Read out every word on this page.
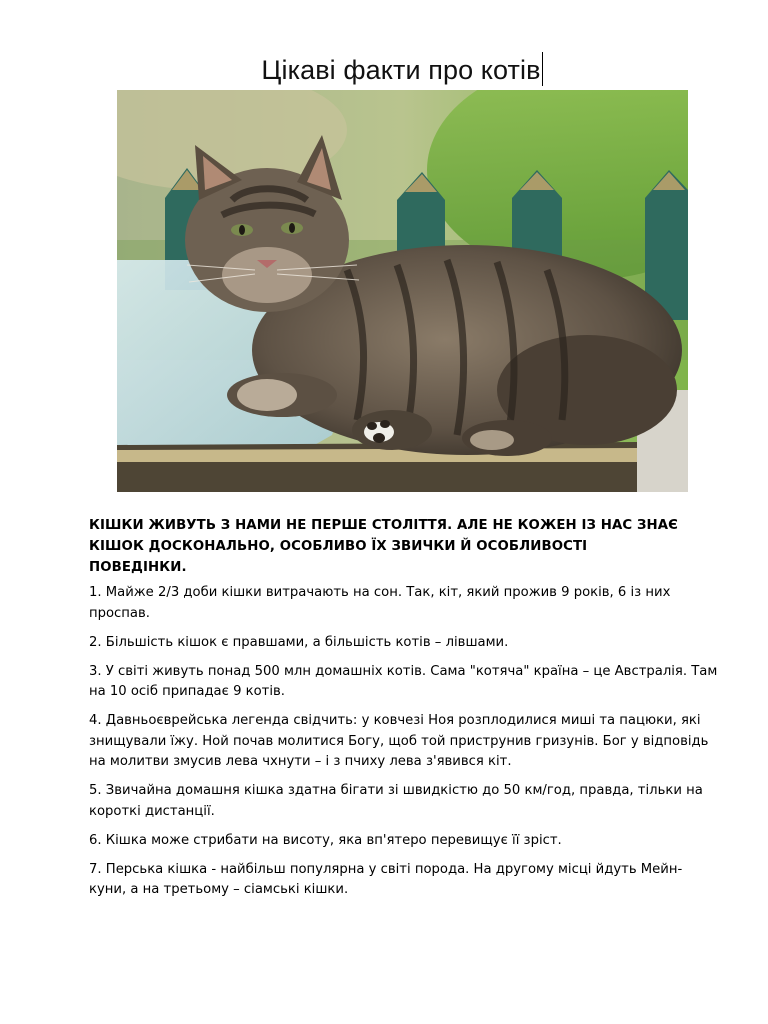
Цікаві факти про котів
КІШКИ ЖИВУТЬ З НАМИ НЕ ПЕРШЕ СТОЛІТТЯ. АЛЕ НЕ КОЖЕН ІЗ НАС ЗНАЄ КІШОК ДОСКОНАЛЬНО, ОСОБЛИВО ЇХ ЗВИЧКИ Й ОСОБЛИВОСТІ ПОВЕДІНКИ.

1. Майже 2/3 доби кішки витрачають на сон. Так, кіт, який прожив 9 років, 6 із них проспав.

2. Більшість кішок є правшами, а більшість котів – лівшами.

3. У світі живуть понад 500 млн домашніх котів. Сама "котяча" країна – це Австралія. Там на 10 осіб припадає 9 котів.

4. Давньоєврейська легенда свідчить: у ковчезі Ноя розплодилися миші та пацюки, які знищували їжу. Ной почав молитися Богу, щоб той приструнив гризунів. Бог у відповідь на молитви змусив лева чхнути – і з пчиху лева з'явився кіт.

5. Звичайна домашня кішка здатна бігати зі швидкістю до 50 км/год, правда, тільки на короткі дистанції.

6. Кішка може стрибати на висоту, яка вп'ятеро перевищує її зріст.

7. Перська кішка - найбільш популярна у світі порода. На другому місці йдуть Мейн-куни, а на третьому – сіамські кішки.
